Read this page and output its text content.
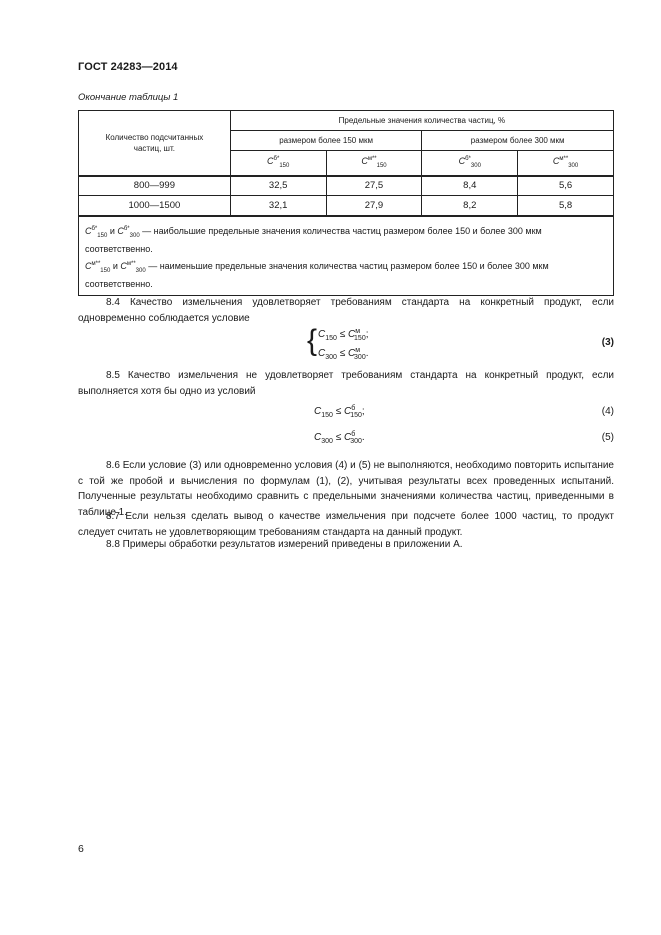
ГОСТ 24283—2014
Окончание таблицы 1
Количество подсчитанных частиц, шт.	Предельные значения количества частиц, %			
	размером более 150 мкм		размером более 300 мкм	
	$C^{б*}_{150}$	$C^{м**}_{150}$	$C^{б*}_{300}$	$C^{м**}_{300}$
800—999	32,5	27,5	8,4	5,6
1000—1500	32,1	27,9	8,2	5,8

$C^{б*}_{150}$ и $C^{б*}_{300}$ — наибольшие предельные значения количества частиц размером более 150 и более 300 мкм соответственно.
$C^{м**}_{150}$ и $C^{м**}_{300}$ — наименьшие предельные значения количества частиц размером более 150 и более 300 мкм соответственно.				
8.4 Качество измельчения удовлетворяет требованиям стандарта на конкретный продукт, если одновременно соблюдается условие
{ $C_{150} \le C^м_{150}$;
$C_{300} \le C^м_{300}$.
(3)
8.5 Качество измельчения не удовлетворяет требованиям стандарта на конкретный продукт, если выполняется хотя бы одно из условий
$C_{150} \le C^б_{150}$;	(4)
$C_{300} \le C^б_{300}$.	(5)
8.6 Если условие (3) или одновременно условия (4) и (5) не выполняются, необходимо повторить испытание с той же пробой и вычисления по формулам (1), (2), учитывая результаты всех проведенных испытаний. Полученные результаты необходимо сравнить с предельными значениями количества частиц, приведенными в таблице 1.
8.7 Если нельзя сделать вывод о качестве измельчения при подсчете более 1000 частиц, то продукт следует считать не удовлетворяющим требованиям стандарта на данный продукт.
8.8 Примеры обработки результатов измерений приведены в приложении А.
6
